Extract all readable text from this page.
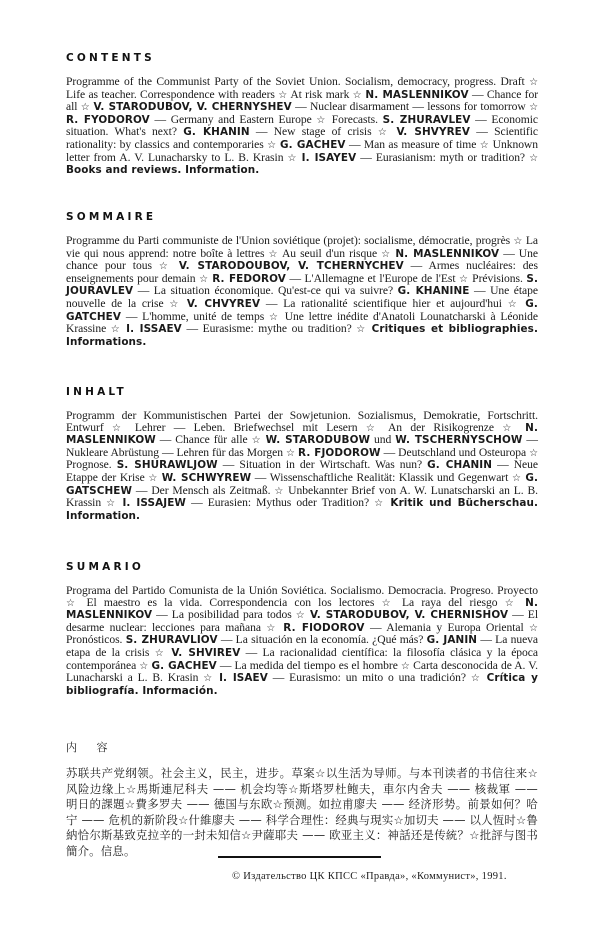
CONTENTS

Programme of the Communist Party of the Soviet Union. Socialism, democracy, progress. Draft ☆ Life as teacher. Correspondence with readers ☆ At risk mark ☆ N. MASLENNIKOV — Chance for all ☆ V. STARODUBOV, V. CHERNYSHEV — Nuclear disarmament — lessons for tomorrow ☆ R. FYODOROV — Germany and Eastern Europe ☆ Forecasts. S. ZHURAVLEV — Economic situation. What's next? G. KHANIN — New stage of crisis ☆ V. SHVYREV — Scientific rationality: by classics and contemporaries ☆ G. GACHEV — Man as measure of time ☆ Unknown letter from A. V. Lunacharsky to L. B. Krasin ☆ I. ISAYEV — Eurasianism: myth or tradition? ☆ Books and reviews. Information.

SOMMAIRE

Programme du Parti communiste de l'Union soviétique (projet): socialisme, démocratie, progrès ☆ La vie qui nous apprend: notre boîte à lettres ☆ Au seuil d'un risque ☆ N. MASLENNIKOV — Une chance pour tous ☆ V. STARODOUBOV, V. TCHERNYCHEV — Armes nucléaires: des enseignements pour demain ☆ R. FEDOROV — L'Allemagne et l'Europe de l'Est ☆ Prévisions. S. JOURAVLEV — La situation économique. Qu'est-ce qui va suivre? G. KHANINE — Une étape nouvelle de la crise ☆ V. CHVYREV — La rationalité scientifique hier et aujourd'hui ☆ G. GATCHEV — L'homme, unité de temps ☆ Une lettre inédite d'Anatoli Lounatcharski à Léonide Krassine ☆ I. ISSAEV — Eurasisme: mythe ou tradition? ☆ Critiques et bibliographies. Informations.

INHALT

Programm der Kommunistischen Partei der Sowjetunion. Sozialismus, Demokratie, Fortschritt. Entwurf ☆ Lehrer — Leben. Briefwechsel mit Lesern ☆ An der Risikogrenze ☆ N. MASLENNIKOW — Chance für alle ☆ W. STARODUBOW und W. TSCHERNYSCHOW — Nukleare Abrüstung — Lehren für das Morgen ☆ R. FJODOROW — Deutschland und Osteuropa ☆ Prognose. S. SHURAWLJOW — Situation in der Wirtschaft. Was nun? G. CHANIN — Neue Etappe der Krise ☆ W. SCHWYREW — Wissenschaftliche Realität: Klassik und Gegenwart ☆ G. GATSCHEW — Der Mensch als Zeitmaß. ☆ Unbekannter Brief von A. W. Lunatscharski an L. B. Krassin ☆ I. ISSAJEW — Eurasien: Mythus oder Tradition? ☆ Kritik und Bücherschau. Information.

SUMARIO

Programa del Partido Comunista de la Unión Soviética. Socialismo. Democracia. Progreso. Proyecto ☆ El maestro es la vida. Correspondencia con los lectores ☆ La raya del riesgo ☆ N. MASLENNIKOV — La posibilidad para todos ☆ V. STARODUBOV, V. CHERNISHOV — El desarme nuclear: lecciones para mañana ☆ R. FIODOROV — Alemania y Europa Oriental ☆ Pronósticos. S. ZHURAVLIOV — La situación en la economía. ¿Qué más? G. JANIN — La nueva etapa de la crisis ☆ V. SHVIREV — La racionalidad científica: la filosofía clásica y la época contemporánea ☆ G. GACHEV — La medida del tiempo es el hombre ☆ Carta desconocida de A. V. Lunacharski a L. B. Krasin ☆ I. ISAEV — Eurasismo: un mito o una tradición? ☆ Crítica y bibliografía. Información.

内 容

苏联共产党纲领。社会主义，民主，进步。草案☆以生活为导师。与本刊读者的书信往来☆风险边缘上☆馬斯連尼科夫 —— 机会均等☆斯塔罗杜鲍夫，車尔内舍夫 —— 核裁軍 —— 明日的課題☆費多罗夫 —— 德国与东欧☆预测。如拉甫廖夫 —— 经济形势。前景如何？哈宁 —— 危机的新阶段☆什維廖夫 —— 科学合理性：经典与現实☆加切夫 —— 以人恆时☆鲁納恰尔斯基致克拉辛的一封未知信☆尹薩耶夫 —— 欧亚主义：神話还是传統？☆批評与图书簡介。信息。

© Издательство ЦК КПСС «Правда», «Коммунист», 1991.
